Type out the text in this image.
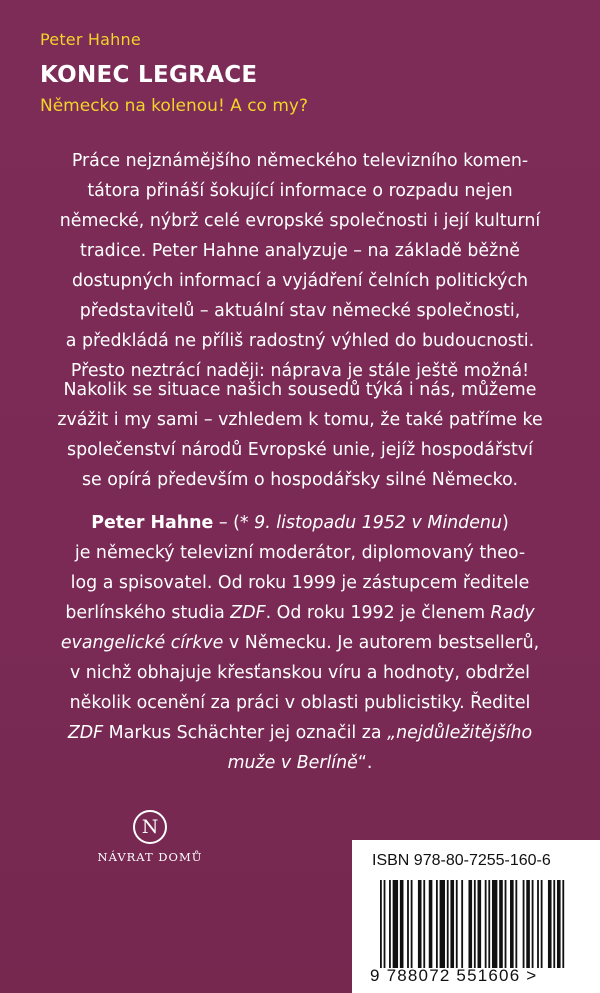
Peter Hahne
KONEC LEGRACE
Německo na kolenou! A co my?
Práce nejznámějšího německého televizního komen-
tátora přináší šokující informace o rozpadu nejen
německé, nýbrž celé evropské společnosti i její kulturní
tradice. Peter Hahne analyzuje – na základě běžně
dostupných informací a vyjádření čelních politických
představitelů – aktuální stav německé společnosti,
a předkládá ne příliš radostný výhled do budoucnosti.
Přesto neztrácí naději: náprava je stále ještě možná!
Nakolik se situace našich sousedů týká i nás, můžeme
zvážit i my sami – vzhledem k tomu, že také patříme ke
společenství národů Evropské unie, jejíž hospodářství
se opírá především o hospodářsky silné Německo.
Peter Hahne – (* 9. listopadu 1952 v Mindenu)
je německý televizní moderátor, diplomovaný theo-
log a spisovatel. Od roku 1999 je zástupcem ředitele
berlínského studia ZDF. Od roku 1992 je členem Rady
evangelické církve v Německu. Je autorem bestsellerů,
v nichž obhajuje křesťanskou víru a hodnoty, obdržel
několik ocenění za práci v oblasti publicistiky. Ředitel
ZDF Markus Schächter jej označil za „nejdůležitějšího
muže v Berlíně“.
N
NÁVRAT DOMŮ	ISBN 978-80-7255-160-6
9 788072 551606 >
